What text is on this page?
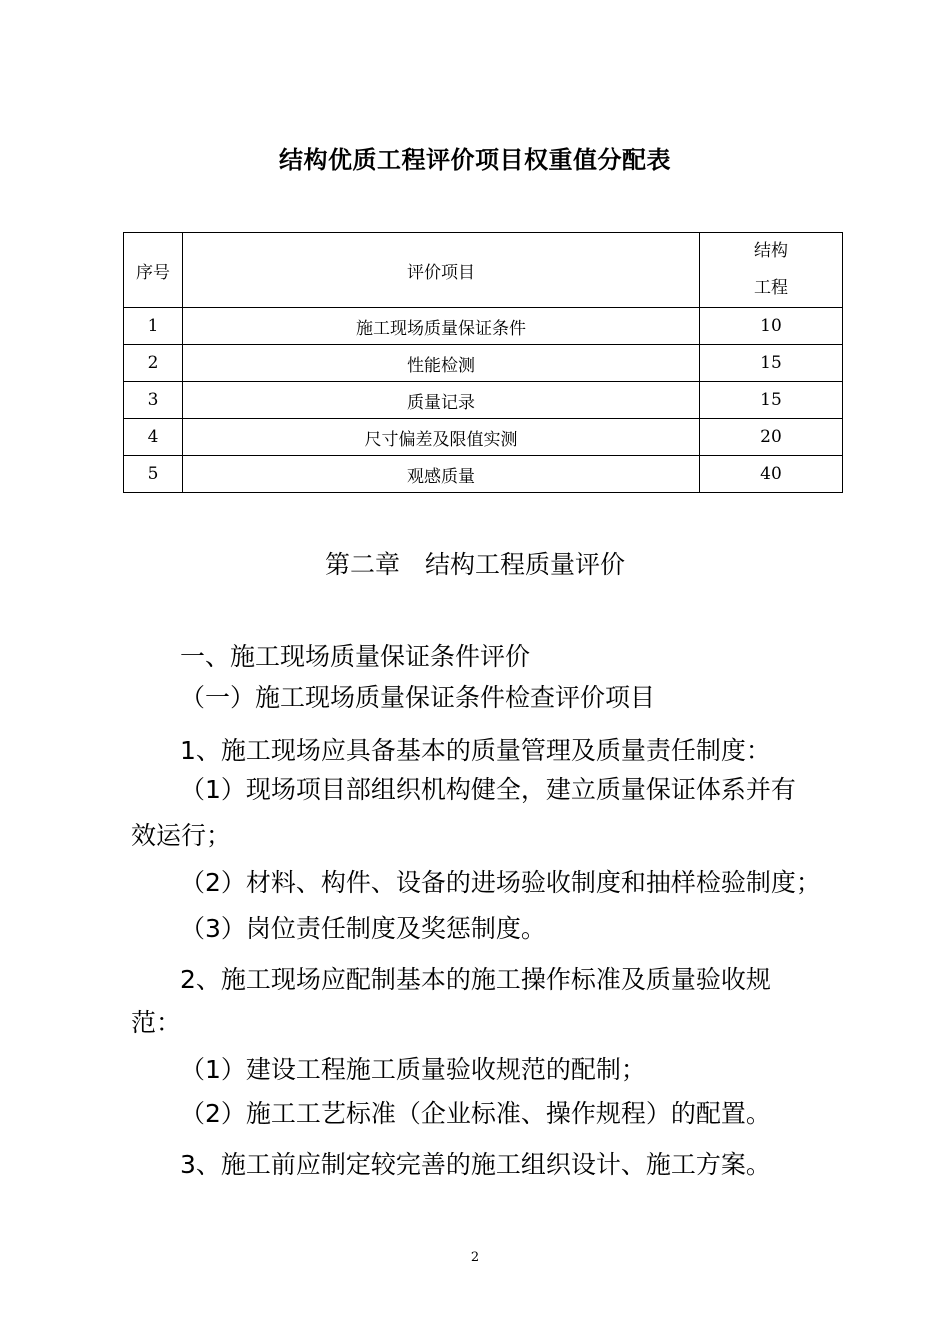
结构优质工程评价项目权重值分配表
序号	评价项目	结构
工程

1	施工现场质量保证条件	10
2	性能检测	15
3	质量记录	15
4	尺寸偏差及限值实测	20
5	观感质量	40
第二章　结构工程质量评价
一、施工现场质量保证条件评价
（一）施工现场质量保证条件检查评价项目
1、施工现场应具备基本的质量管理及质量责任制度：
（1）现场项目部组织机构健全，建立质量保证体系并有
效运行；
（2）材料、构件、设备的进场验收制度和抽样检验制度；
（3）岗位责任制度及奖惩制度。
2、施工现场应配制基本的施工操作标准及质量验收规
范：
（1）建设工程施工质量验收规范的配制；
（2）施工工艺标准（企业标准、操作规程）的配置。
3、施工前应制定较完善的施工组织设计、施工方案。
2
